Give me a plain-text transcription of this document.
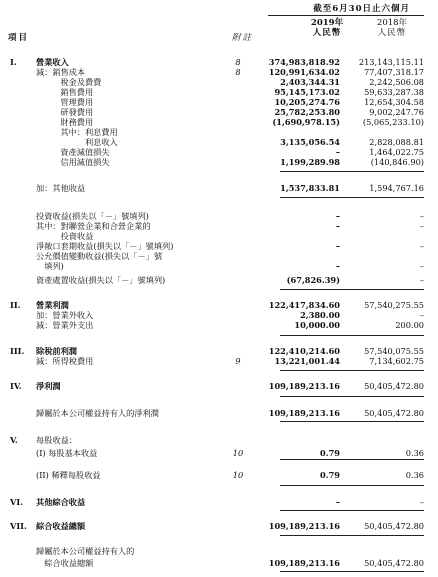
截至6月30日止六個月
2019年	2018年
人民幣	人民幣
項目	附註
I. 營業收入	8	374,983,818.92 213,143,115.11
減：銷售成本	8	120,991,634.02	77,407,318.17
　　稅金及費費	2,403,344.31	2,242,506.08
　　銷售費用	95,145,173.02	59,633,287.38
　　管理費用	10,205,274.76	12,654,304.58
　　研發費用	25,782,253.80	9,002,247.76
　　財務費用	(1,690,978.15)	(5,065,233.10)
　　其中：利息費用
　　　　　利息收入	3,135,056.54	2,828,088.81
　　資產減值損失	–	1,464,022.75
　　信用減值損失	1,199,289.98	(140,846.90)
加：其他收益	1,537,833.81	1,594,767.16
投資收益(損失以「－」號填列)	–	–
其中：對聯營企業和合營企業的	–	–
　　　投資收益
淨敞口套期收益(損失以「－」號填列)	–	–
公允價值變動收益(損失以「－」號
　填列)	–	–
資產處置收益(損失以「－」號填列)	(67,826.39)	–
II. 營業利潤	122,417,834.60	57,540,275.55
加：營業外收入	2,380.00	–
減：營業外支出	10,000.00	200.00
III. 除稅前利潤	122,410,214.60	57,540,075.55
減：所得稅費用	9	13,221,001.44	7,134,602.75
IV. 淨利潤	109,189,213.16	50,405,472.80
歸屬於本公司權益持有人的淨利潤	109,189,213.16	50,405,472.80
V. 每股收益：
(I) 每股基本收益	10	0.79	0.36
(II) 稀釋每股收益	10	0.79	0.36
VI. 其他綜合收益	–	–
VII. 綜合收益總額	109,189,213.16	50,405,472.80
歸屬於本公司權益持有人的
　綜合收益總額	109,189,213.16	50,405,472.80
